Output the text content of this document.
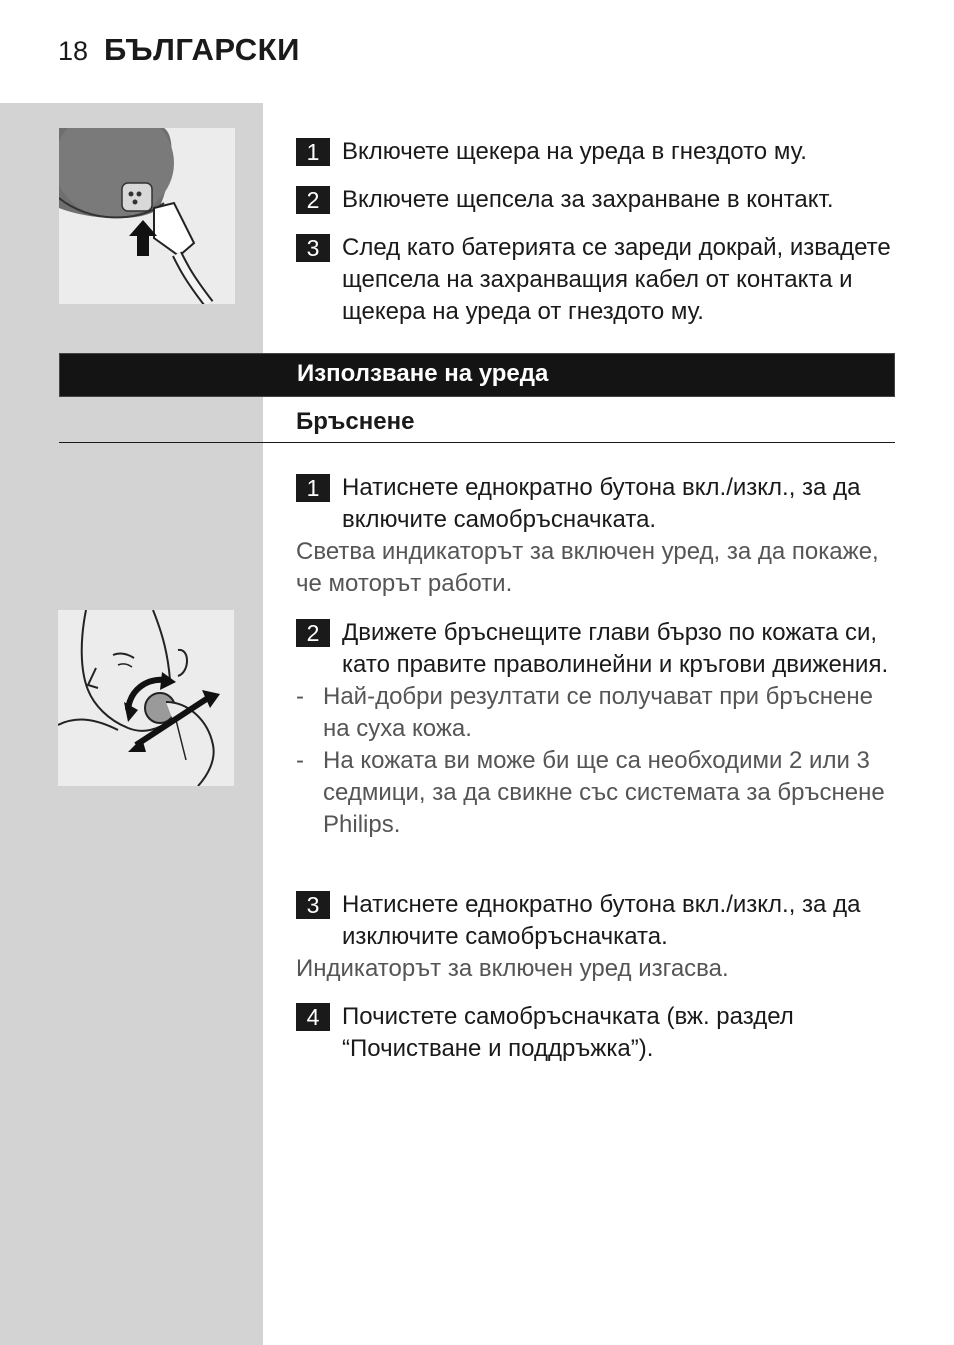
18 БЪЛГАРСКИ
1 Включете щекера на уреда в гнездото му.
2 Включете щепсела за захранване в контакт.
3 След като батерията се зареди докрай, извадете щепсела на захранващия кабел от контакта и щекера на уреда от гнездото му.
Използване на уреда
Бръснене
1 Натиснете еднократно бутона вкл./изкл., за да включите самобръсначката.
Светва индикаторът за включен уред, за да покаже, че моторът работи.
2 Движете бръснещите глави бързо по кожата си, като правите праволинейни и кръгови движения.
- Най-добри резултати се получават при бръснене на суха кожа.
- На кожата ви може би ще са необходими 2 или 3 седмици, за да свикне със системата за бръснене Philips.
3 Натиснете еднократно бутона вкл./изкл., за да изключите самобръсначката.
Индикаторът за включен уред изгасва.
4 Почистете самобръсначката (вж. раздел “Почистване и поддръжка”).
